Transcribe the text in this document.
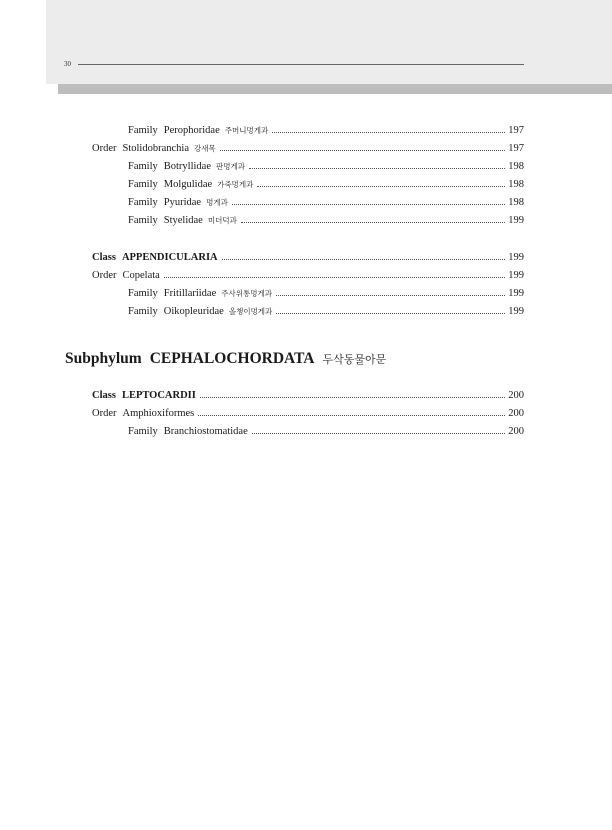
30
Family Perophoridae 주머니멍게과	197
Order Stolidobranchia 강새목	197
Family Botryllidae 판멍게과	198
Family Molgulidae 가죽멍게과	198
Family Pyuridae 멍게과	198
Family Styelidae 미더덕과	199
Class APPENDICULARIA	199
Order Copelata	199
Family Fritillariidae 주사위통멍게과	199
Family Oikopleuridae 올챙이멍게과	199
Subphylum CEPHALOCHORDATA 두삭동물아문
Class LEPTOCARDII	200
Order Amphioxiformes	200
Family Branchiostomatidae	200
